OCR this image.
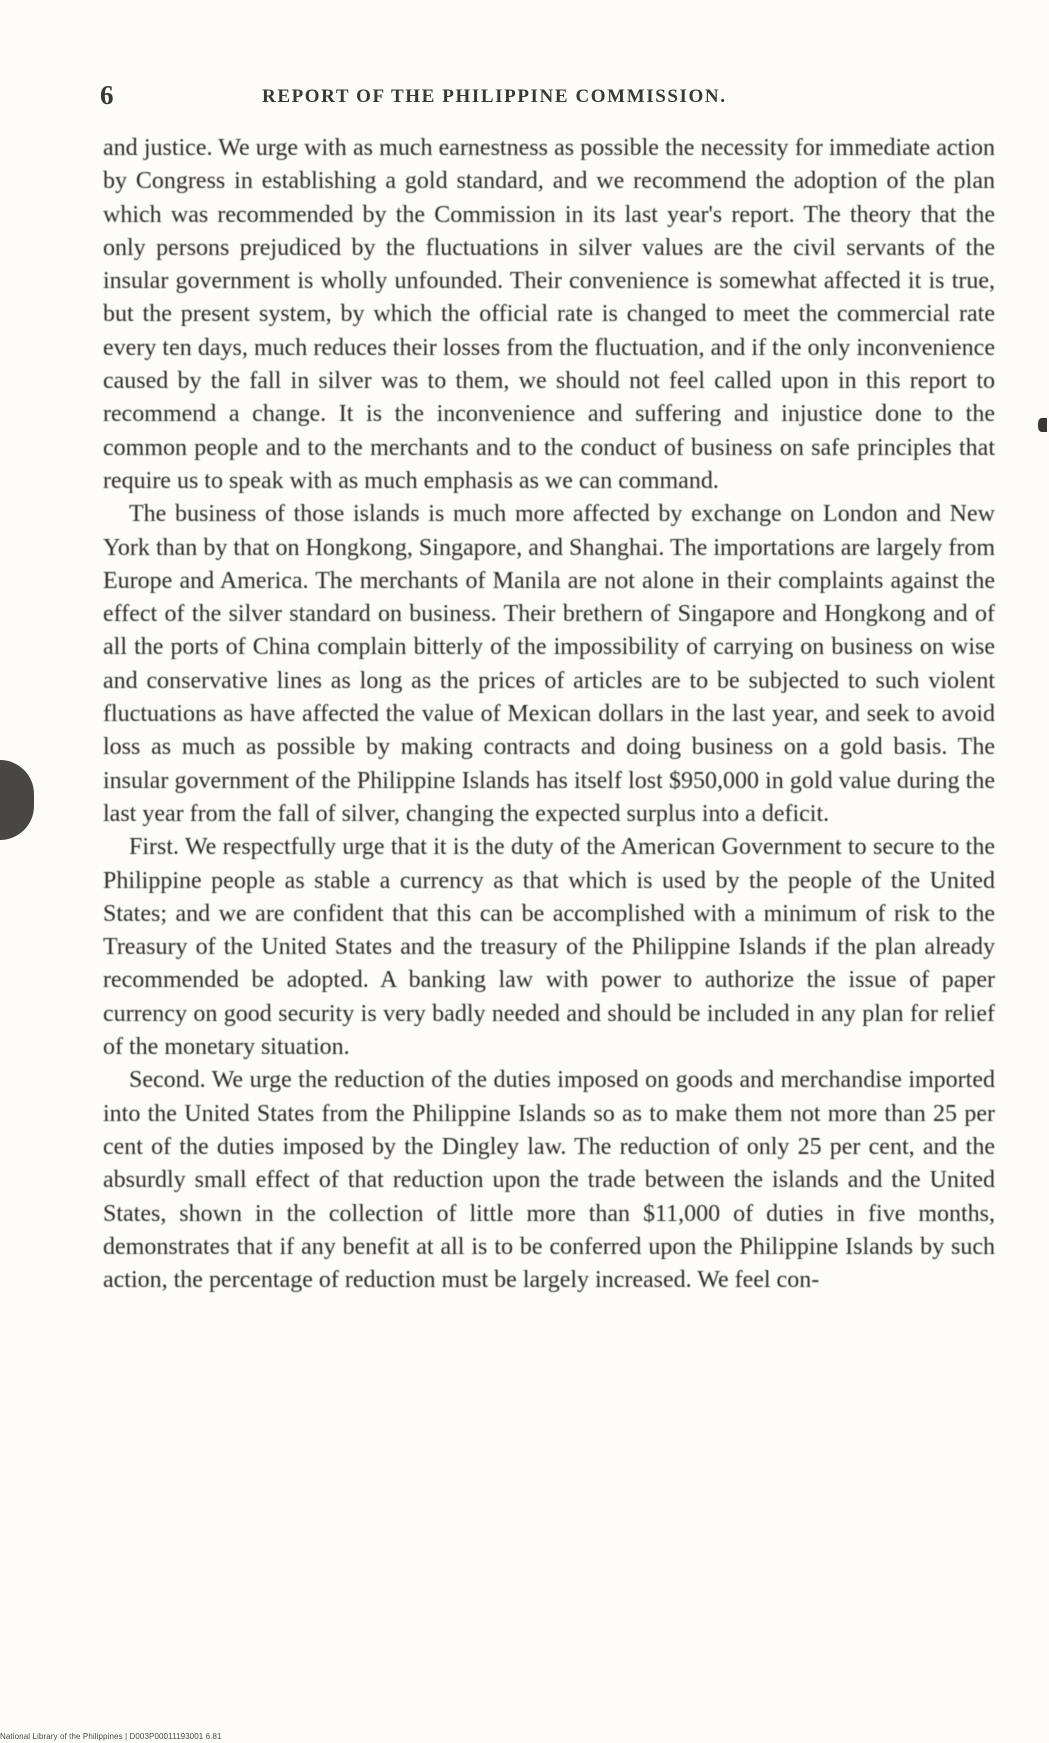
6	REPORT OF THE PHILIPPINE COMMISSION.

and justice. We urge with as much earnestness as possible the necessity for immediate action by Congress in establishing a gold standard, and we recommend the adoption of the plan which was recommended by the Commission in its last year's report. The theory that the only persons prejudiced by the fluctuations in silver values are the civil servants of the insular government is wholly unfounded. Their convenience is somewhat affected it is true, but the present system, by which the official rate is changed to meet the commercial rate every ten days, much reduces their losses from the fluctuation, and if the only inconvenience caused by the fall in silver was to them, we should not feel called upon in this report to recommend a change. It is the inconvenience and suffering and injustice done to the common people and to the merchants and to the conduct of business on safe principles that require us to speak with as much emphasis as we can command.

The business of those islands is much more affected by exchange on London and New York than by that on Hongkong, Singapore, and Shanghai. The importations are largely from Europe and America. The merchants of Manila are not alone in their complaints against the effect of the silver standard on business. Their brethern of Singapore and Hongkong and of all the ports of China complain bitterly of the impossibility of carrying on business on wise and conservative lines as long as the prices of articles are to be subjected to such violent fluctuations as have affected the value of Mexican dollars in the last year, and seek to avoid loss as much as possible by making contracts and doing business on a gold basis. The insular government of the Philippine Islands has itself lost $950,000 in gold value during the last year from the fall of silver, changing the expected surplus into a deficit.

First. We respectfully urge that it is the duty of the American Government to secure to the Philippine people as stable a currency as that which is used by the people of the United States; and we are confident that this can be accomplished with a minimum of risk to the Treasury of the United States and the treasury of the Philippine Islands if the plan already recommended be adopted. A banking law with power to authorize the issue of paper currency on good security is very badly needed and should be included in any plan for relief of the monetary situation.

Second. We urge the reduction of the duties imposed on goods and merchandise imported into the United States from the Philippine Islands so as to make them not more than 25 per cent of the duties imposed by the Dingley law. The reduction of only 25 per cent, and the absurdly small effect of that reduction upon the trade between the islands and the United States, shown in the collection of little more than $11,000 of duties in five months, demonstrates that if any benefit at all is to be conferred upon the Philippine Islands by such action, the percentage of reduction must be largely increased. We feel con-

National Library of the Philippines | D003P00011193001 6.81
